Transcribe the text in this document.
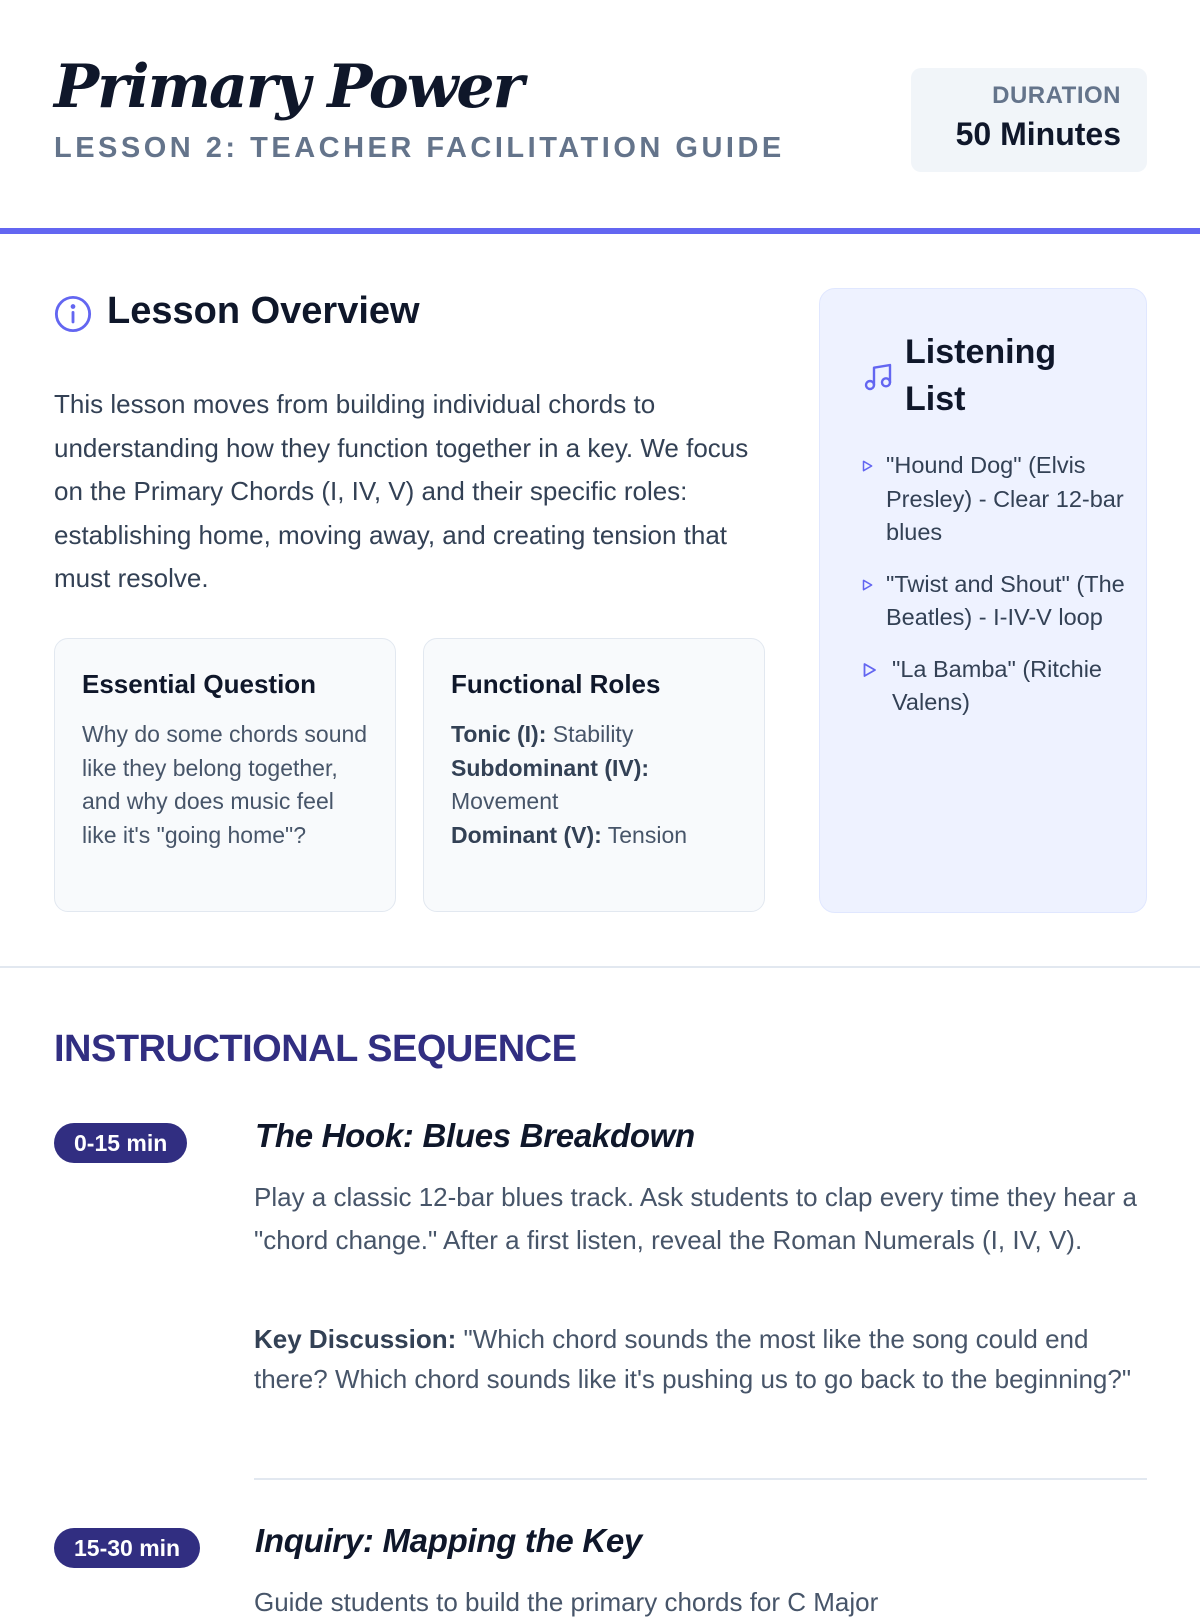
Primary Power
LESSON 2: TEACHER FACILITATION GUIDE
DURATION
50 Minutes
Lesson Overview

This lesson moves from building individual chords to understanding how they function together in a key. We focus on the Primary Chords (I, IV, V) and their specific roles: establishing home, moving away, and creating tension that must resolve.

Essential Question
Why do some chords sound like they belong together, and why does music feel like it's "going home"?
Functional Roles
Tonic (I): Stability
Subdominant (IV): Movement
Dominant (V): Tension
Listening List
"Hound Dog" (Elvis Presley) - Clear 12-bar blues
"Twist and Shout" (The Beatles) - I-IV-V loop
"La Bamba" (Ritchie Valens)
INSTRUCTIONAL SEQUENCE
0-15 min	The Hook: Blues Breakdown

Play a classic 12-bar blues track. Ask students to clap every time they hear a "chord change." After a first listen, reveal the Roman Numerals (I, IV, V).

Key Discussion: "Which chord sounds the most like the song could end there? Which chord sounds like it's pushing us to go back to the beginning?"

15-30 min	Inquiry: Mapping the Key

Guide students to build the primary chords for C Major
